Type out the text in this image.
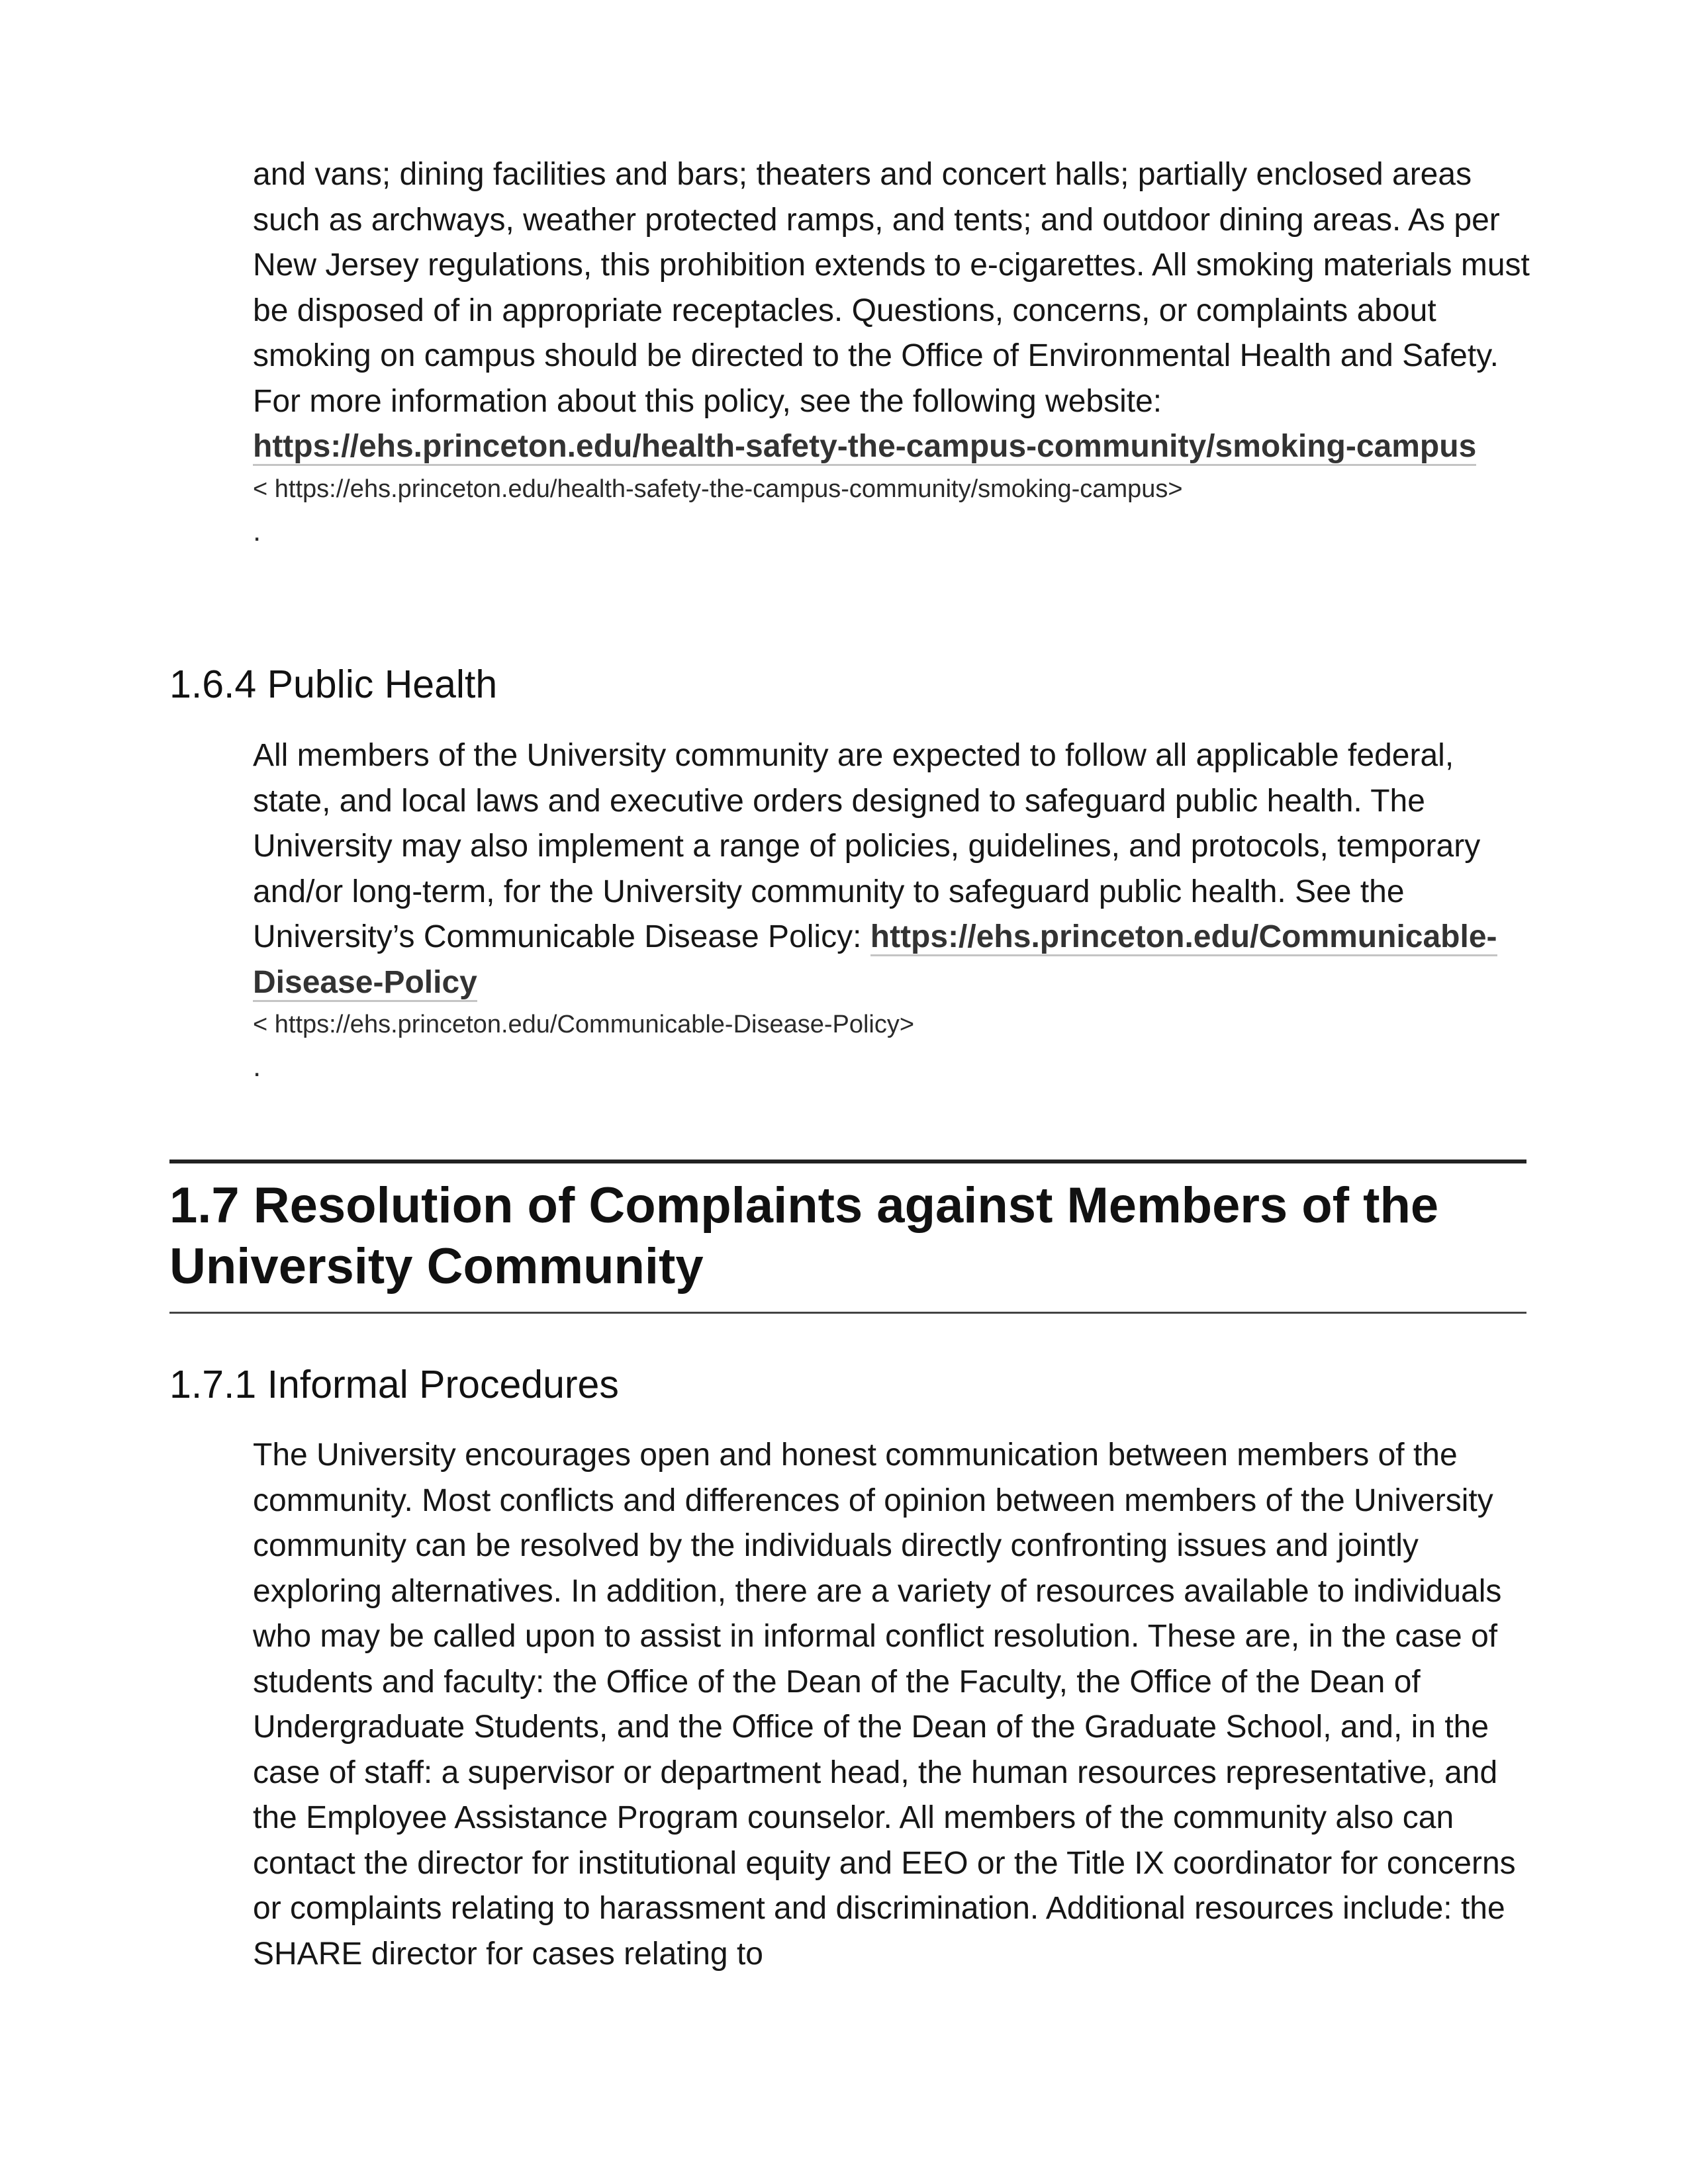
and vans; dining facilities and bars; theaters and concert halls; partially enclosed areas such as archways, weather protected ramps, and tents; and outdoor dining areas. As per New Jersey regulations, this prohibition extends to e-cigarettes. All smoking materials must be disposed of in appropriate receptacles. Questions, concerns, or complaints about smoking on campus should be directed to the Office of Environmental Health and Safety. For more information about this policy, see the following website: https://ehs.princeton.edu/health-safety-the-campus-community/smoking-campus

< https://ehs.princeton.edu/health-safety-the-campus-community/smoking-campus>

.

1.6.4 Public Health

All members of the University community are expected to follow all applicable federal, state, and local laws and executive orders designed to safeguard public health. The University may also implement a range of policies, guidelines, and protocols, temporary and/or long-term, for the University community to safeguard public health. See the University’s Communicable Disease Policy: https://ehs.princeton.edu/Communicable-Disease-Policy

< https://ehs.princeton.edu/Communicable-Disease-Policy>

.

1.7 Resolution of Complaints against Members of the University Community
1.7.1 Informal Procedures

The University encourages open and honest communication between members of the community. Most conflicts and differences of opinion between members of the University community can be resolved by the individuals directly confronting issues and jointly exploring alternatives. In addition, there are a variety of resources available to individuals who may be called upon to assist in informal conflict resolution. These are, in the case of students and faculty: the Office of the Dean of the Faculty, the Office of the Dean of Undergraduate Students, and the Office of the Dean of the Graduate School, and, in the case of staff: a supervisor or department head, the human resources representative, and the Employee Assistance Program counselor. All members of the community also can contact the director for institutional equity and EEO or the Title IX coordinator for concerns or complaints relating to harassment and discrimination. Additional resources include: the SHARE director for cases relating to
